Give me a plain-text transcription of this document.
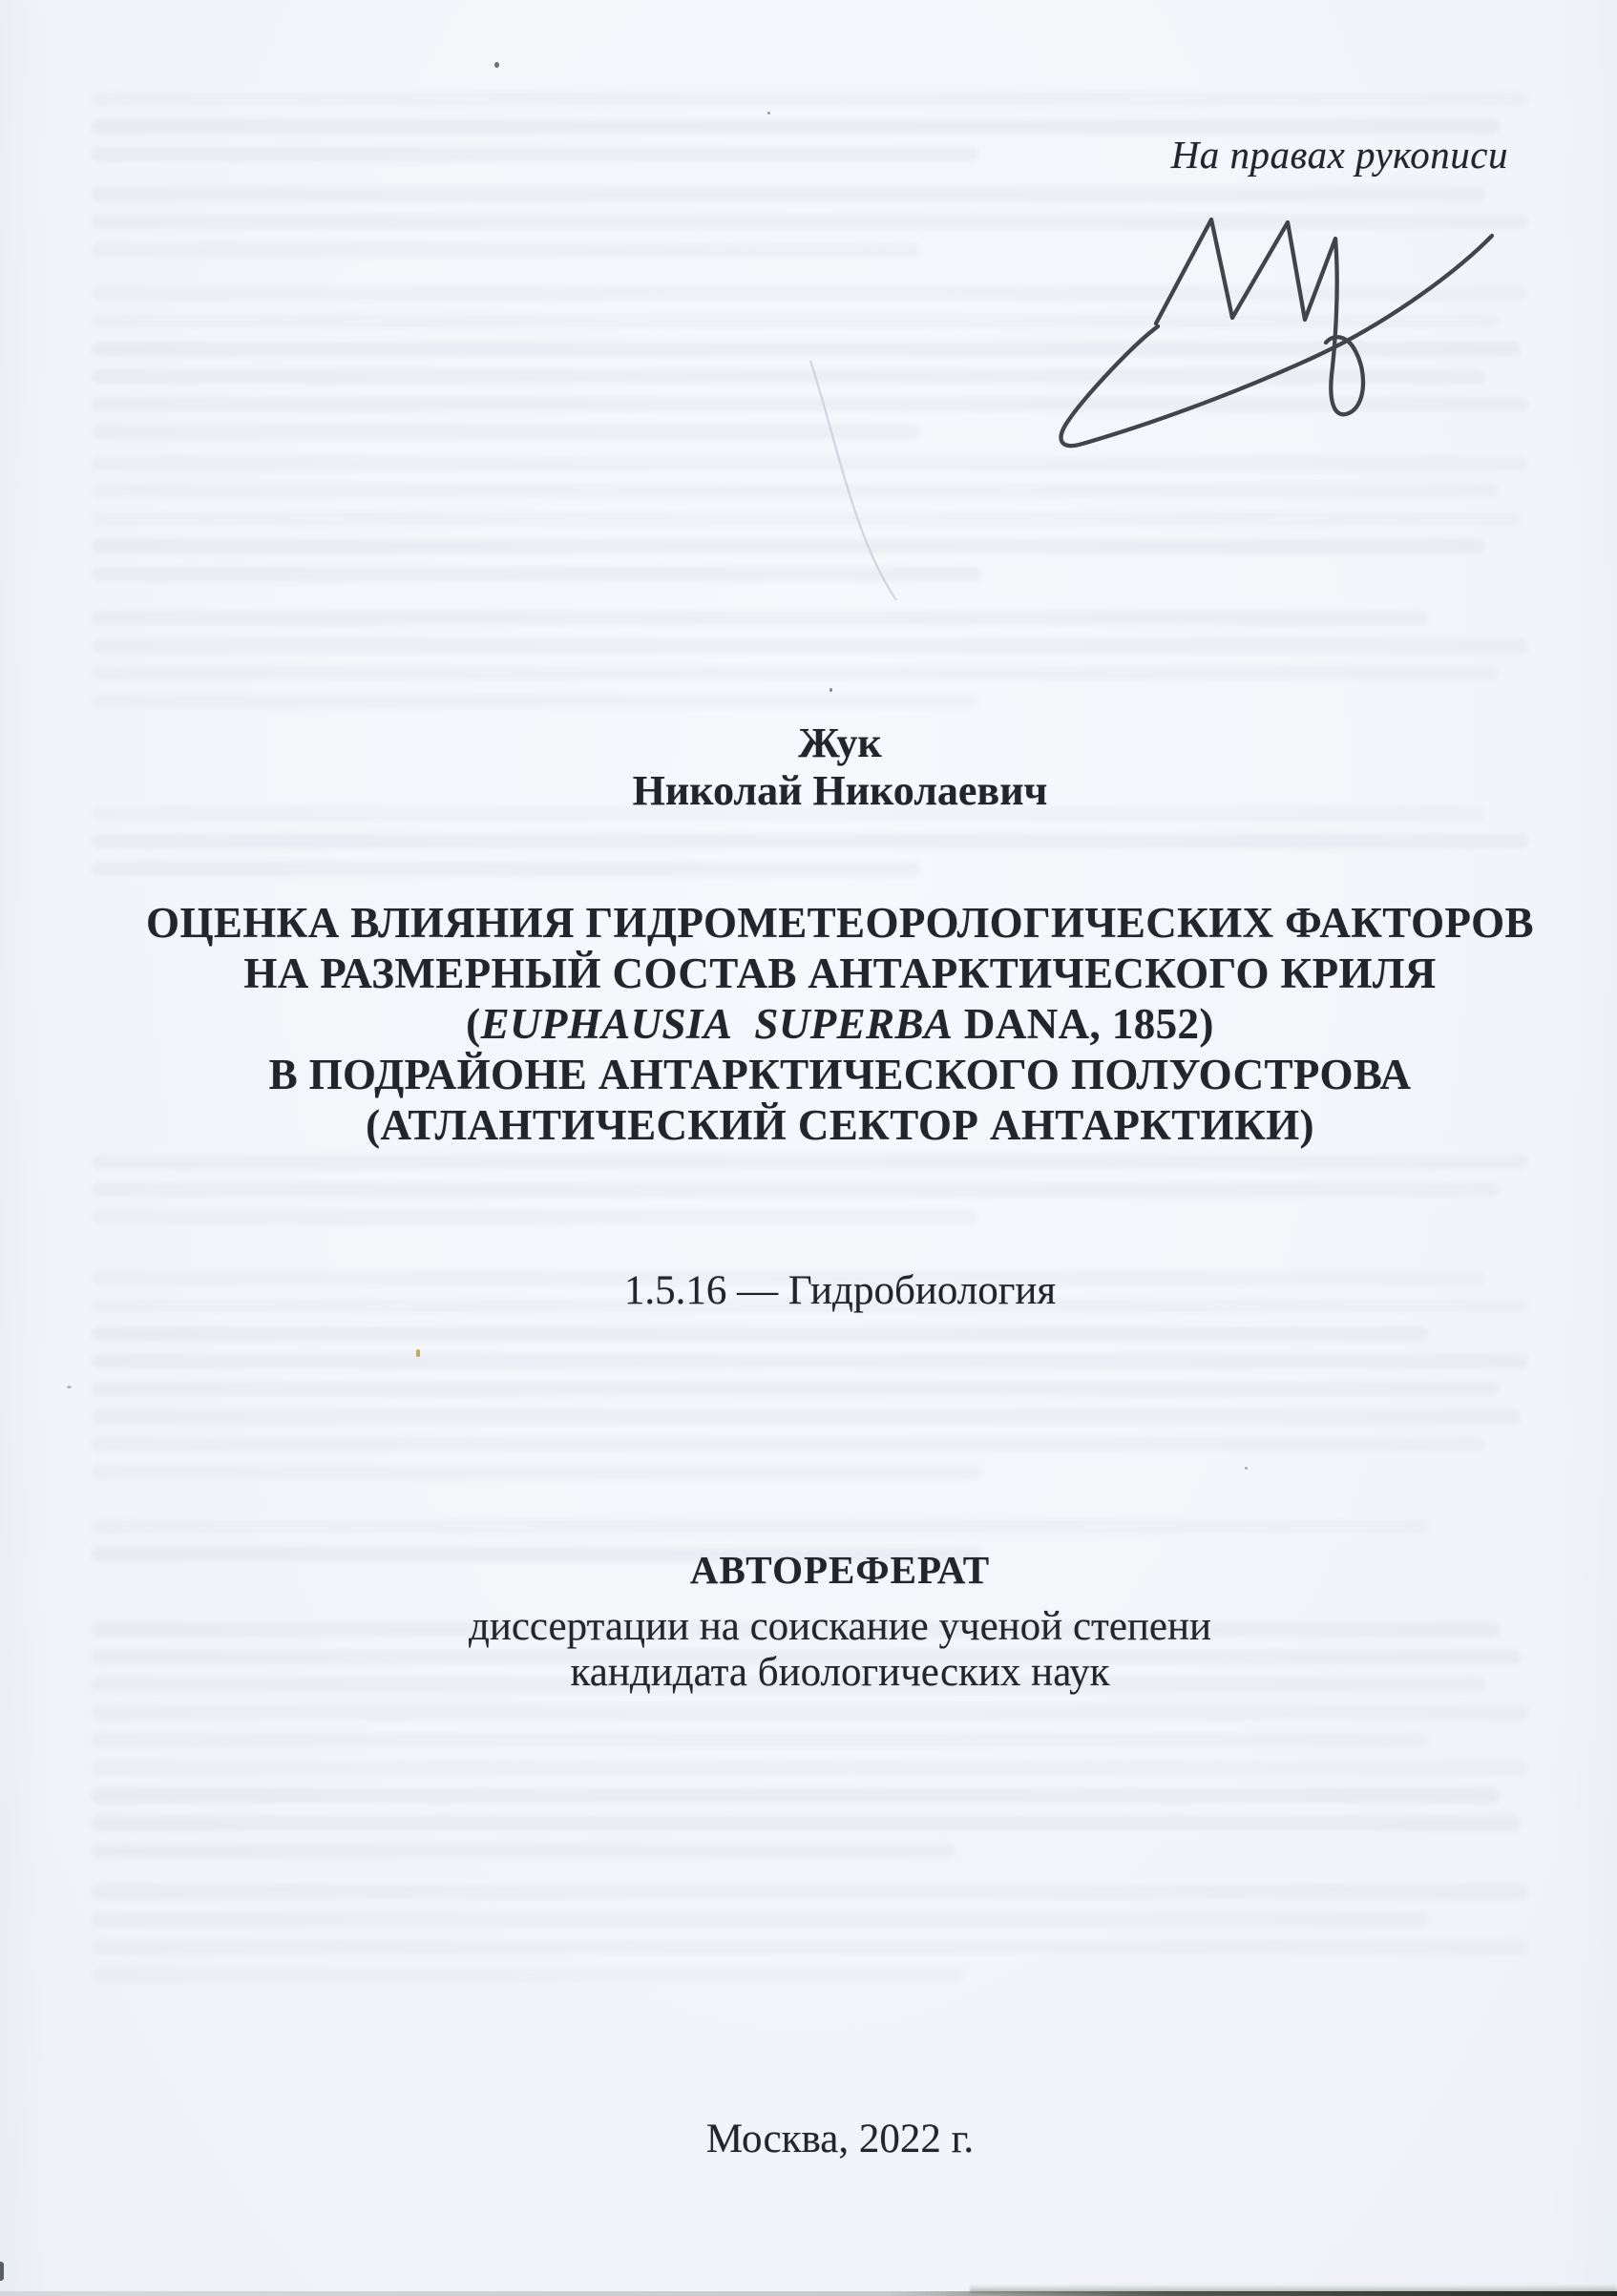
На правах рукописи
Жук
Николай Николаевич
ОЦЕНКА ВЛИЯНИЯ ГИДРОМЕТЕОРОЛОГИЧЕСКИХ ФАКТОРОВ
НА РАЗМЕРНЫЙ СОСТАВ АНТАРКТИЧЕСКОГО КРИЛЯ
(EUPHAUSIA SUPERBA DANA, 1852)
В ПОДРАЙОНЕ АНТАРКТИЧЕСКОГО ПОЛУОСТРОВА
(АТЛАНТИЧЕСКИЙ СЕКТОР АНТАРКТИКИ)
1.5.16 — Гидробиология
АВТОРЕФЕРАТ
диссертации на соискание ученой степени
кандидата биологических наук
Москва, 2022 г.
